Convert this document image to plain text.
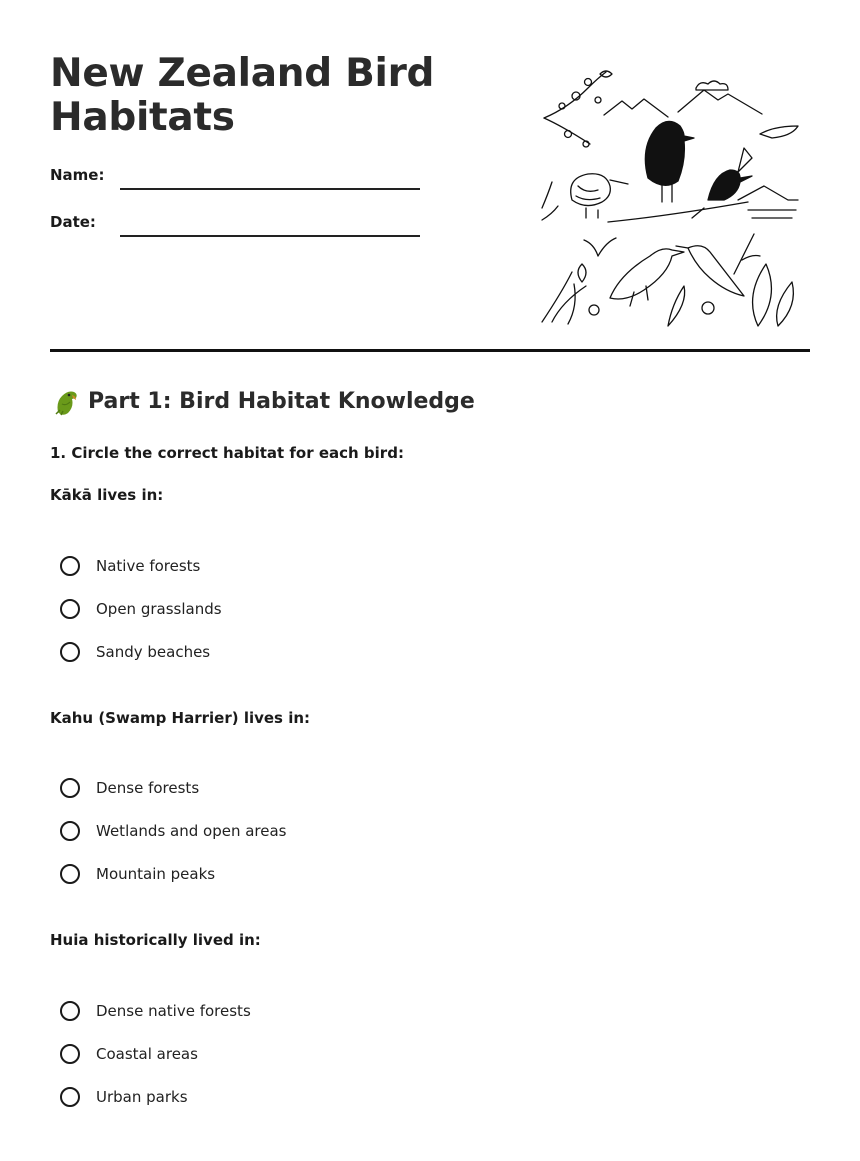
New Zealand Bird Habitats
Name:
Date:
Part 1: Bird Habitat Knowledge
1. Circle the correct habitat for each bird:
Kākā lives in:
Native forests
Open grasslands
Sandy beaches
Kahu (Swamp Harrier) lives in:
Dense forests
Wetlands and open areas
Mountain peaks
Huia historically lived in:
Dense native forests
Coastal areas
Urban parks
